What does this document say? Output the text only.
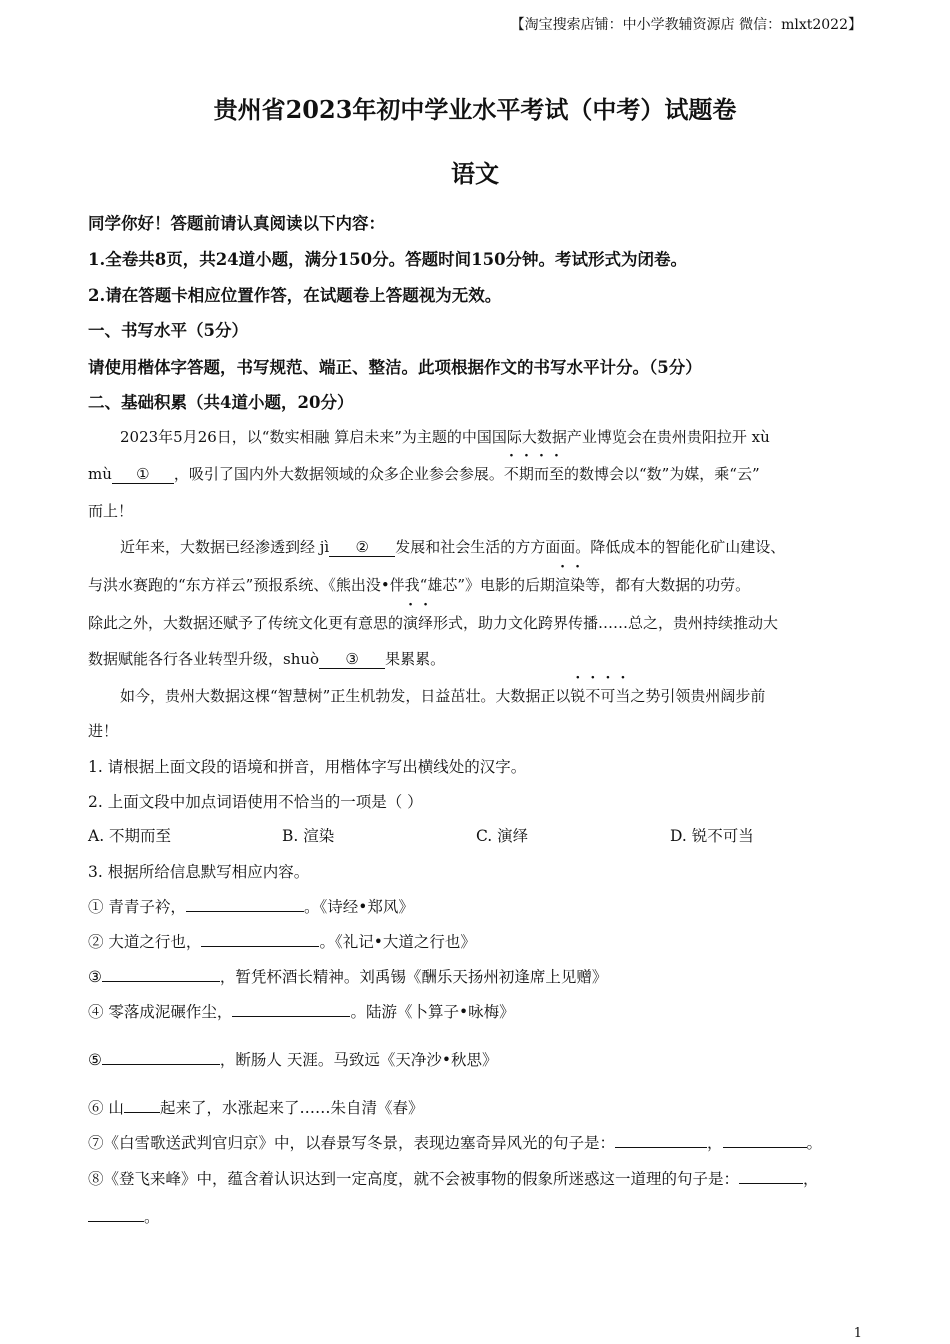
【淘宝搜索店铺：中小学教辅资源店 微信：mlxt2022】
贵州省2023年初中学业水平考试（中考）试题卷
语文
同学你好！答题前请认真阅读以下内容：
1.全卷共8页，共24道小题，满分150分。答题时间150分钟。考试形式为闭卷。
2.请在答题卡相应位置作答，在试题卷上答题视为无效。
一、书写水平（5分）
请使用楷体字答题，书写规范、端正、整洁。此项根据作文的书写水平计分。（5分）
二、基础积累（共4道小题，20分）
2023年5月26日，以“数实相融 算启未来”为主题的中国国际大数据产业博览会在贵州贵阳拉开 xù
mù ① ，吸引了国内外大数据领域的众多企业参会参展。不期而至的数博会以“数”为媒，乘“云”
而上！
近年来，大数据已经渗透到经 jì ② 发展和社会生活的方方面面。降低成本的智能化矿山建设、
与洪水赛跑的“东方祥云”预报系统、《熊出没•伴我“雄芯”》电影的后期渲染等，都有大数据的功劳。
除此之外，大数据还赋予了传统文化更有意思的演绎形式，助力文化跨界传播……总之，贵州持续推动大
数据赋能各行各业转型升级，shuò ③ 果累累。
如今，贵州大数据这棵“智慧树”正生机勃发，日益茁壮。大数据正以锐不可当之势引领贵州阔步前
进！
1. 请根据上面文段的语境和拼音，用楷体字写出横线处的汉字。
2. 上面文段中加点词语使用不恰当的一项是（ ）
A. 不期而至	B. 渲染	C. 演绎	D. 锐不可当
3. 根据所给信息默写相应内容。
① 青青子衿，	。《诗经•郑风》
② 大道之行也，	。《礼记•大道之行也》
③	，暂凭杯酒长精神。刘禹锡《酬乐天扬州初逢席上见赠》
④ 零落成泥碾作尘，	。陆游《卜算子•咏梅》
⑤	，断肠人 天涯。马致远《天净沙•秋思》
⑥ 山 起来了，水涨起来了……朱自清《春》
⑦《白雪歌送武判官归京》中，以春景写冬景，表现边塞奇异风光的句子是：	，	。
⑧《登飞来峰》中，蕴含着认识达到一定高度，就不会被事物的假象所迷惑这一道理的句子是：	，
。
1
